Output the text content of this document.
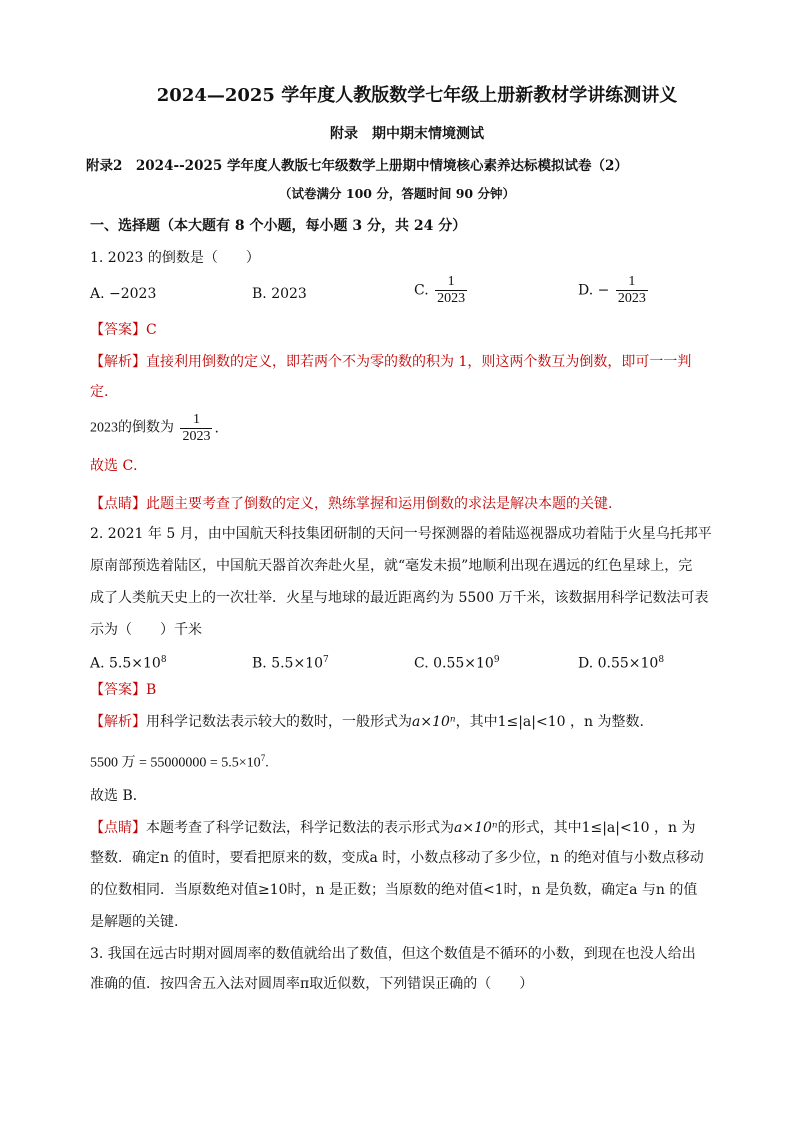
2024—2025 学年度人教版数学七年级上册新教材学讲练测讲义
附录　期中期末情境测试
附录2　2024--2025 学年度人教版七年级数学上册期中情境核心素养达标模拟试卷（2）
（试卷满分 100 分，答题时间 90 分钟）
一、选择题（本大题有 8 个小题，每小题 3 分，共 24 分）
1. 2023 的倒数是（　　）
A. −2023	B. 2023	C. $\frac{1}{2023}$	D. − $\frac{1}{2023}$
【答案】C
【解析】直接利用倒数的定义，即若两个不为零的数的积为 1，则这两个数互为倒数，即可一一判
定.
2023的倒数为 $\frac{1}{2023}$ .
故选 C．
【点睛】此题主要考查了倒数的定义，熟练掌握和运用倒数的求法是解决本题的关键.
2. 2021 年 5 月，由中国航天科技集团研制的天问一号探测器的着陆巡视器成功着陆于火星乌托邦平
原南部预选着陆区，中国航天器首次奔赴火星，就“毫发未损”地顺利出现在遇远的红色星球上，完
成了人类航天史上的一次壮举．火星与地球的最近距离约为 5500 万千米，该数据用科学记数法可表
示为（　　）千米
A. $5.5\times 10^8$	B. $5.5\times 10^7$	C. $0.55\times 10^9$	D. $0.55\times 10^8$
【答案】B
【解析】用科学记数法表示较大的数时，一般形式为a×10ⁿ，其中1≤|a|<10 ，n 为整数.
5500 万 = $55000000 = 5.5\times 10^7$.
故选 B．
【点睛】本题考查了科学记数法，科学记数法的表示形式为a×10ⁿ的形式，其中1≤|a|<10 ，n 为
整数．确定n 的值时，要看把原来的数，变成a 时，小数点移动了多少位，n 的绝对值与小数点移动
的位数相同．当原数绝对值≥10时，n 是正数；当原数的绝对值<1时，n 是负数，确定a 与n 的值
是解题的关键.
3. 我国在远古时期对圆周率的数值就给出了数值，但这个数值是不循环的小数，到现在也没人给出
准确的值．按四舍五入法对圆周率π取近似数，下列错误正确的（　　）
